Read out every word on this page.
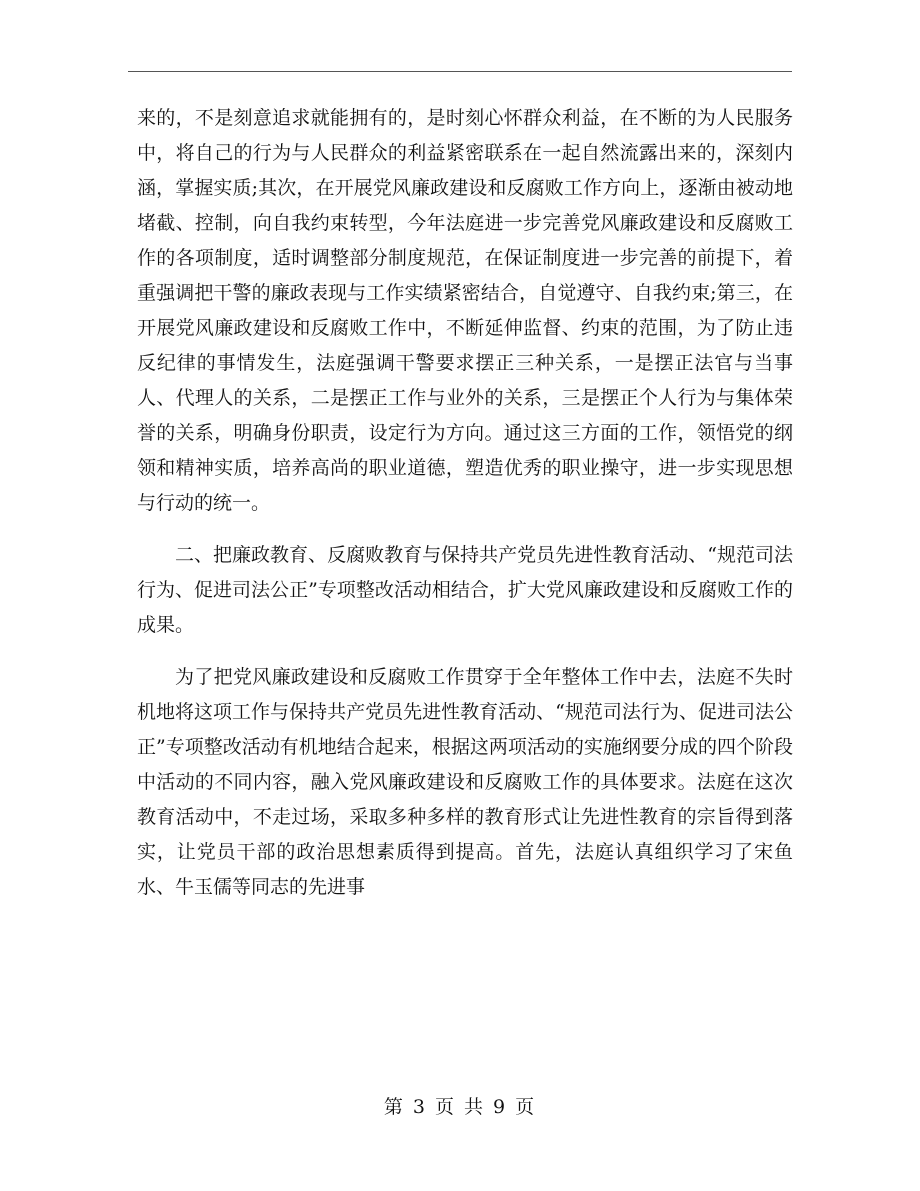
来的，不是刻意追求就能拥有的，是时刻心怀群众利益，在不断的为人民服务中，将自己的行为与人民群众的利益紧密联系在一起自然流露出来的，深刻内涵，掌握实质;其次，在开展党风廉政建设和反腐败工作方向上，逐渐由被动地堵截、控制，向自我约束转型，今年法庭进一步完善党风廉政建设和反腐败工作的各项制度，适时调整部分制度规范，在保证制度进一步完善的前提下，着重强调把干警的廉政表现与工作实绩紧密结合，自觉遵守、自我约束;第三，在开展党风廉政建设和反腐败工作中，不断延伸监督、约束的范围，为了防止违反纪律的事情发生，法庭强调干警要求摆正三种关系，一是摆正法官与当事人、代理人的关系，二是摆正工作与业外的关系，三是摆正个人行为与集体荣誉的关系，明确身份职责，设定行为方向。通过这三方面的工作，领悟党的纲领和精神实质，培养高尚的职业道德，塑造优秀的职业操守，进一步实现思想与行动的统一。

二、把廉政教育、反腐败教育与保持共产党员先进性教育活动、“规范司法行为、促进司法公正”专项整改活动相结合，扩大党风廉政建设和反腐败工作的成果。

为了把党风廉政建设和反腐败工作贯穿于全年整体工作中去，法庭不失时机地将这项工作与保持共产党员先进性教育活动、“规范司法行为、促进司法公正”专项整改活动有机地结合起来，根据这两项活动的实施纲要分成的四个阶段中活动的不同内容，融入党风廉政建设和反腐败工作的具体要求。法庭在这次教育活动中，不走过场，采取多种多样的教育形式让先进性教育的宗旨得到落实，让党员干部的政治思想素质得到提高。首先，法庭认真组织学习了宋鱼水、牛玉儒等同志的先进事

第 3 页 共 9 页
